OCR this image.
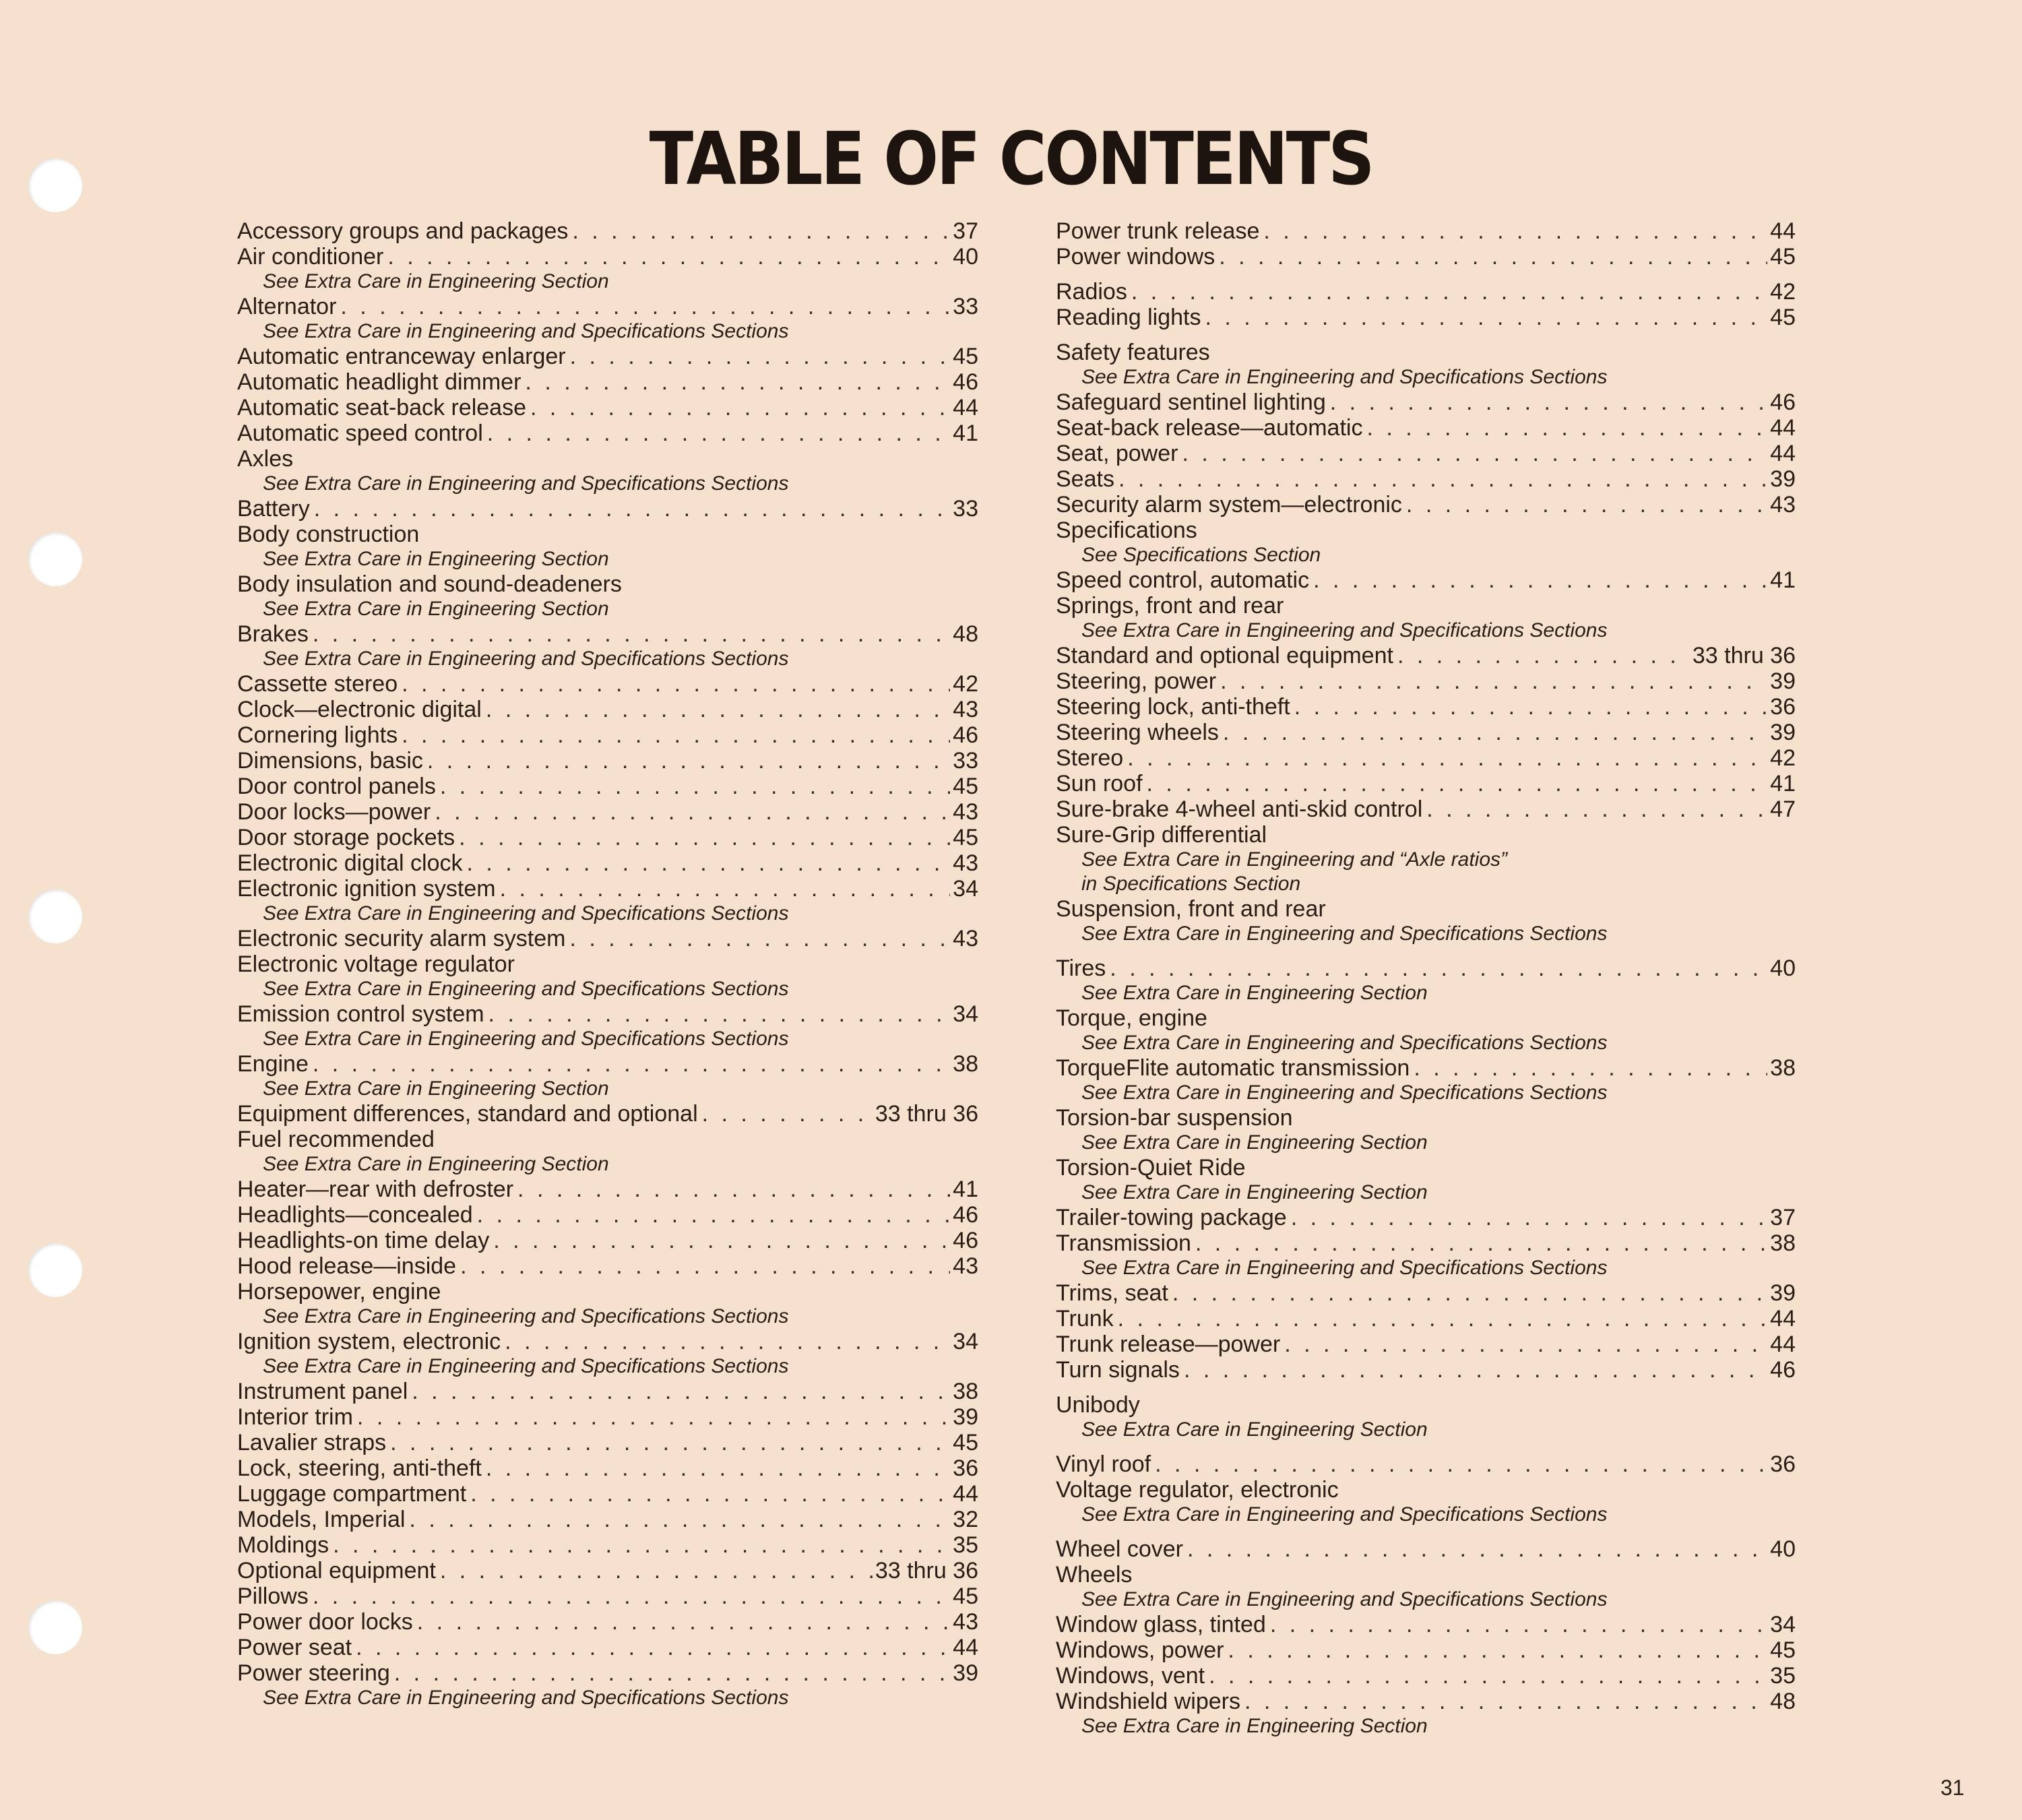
TABLE OF CONTENTS
Accessory groups and packages . . .	37
Air conditioner . . .	40
See Extra Care in Engineering Section
Alternator . . .	33
See Extra Care in Engineering and Specifications Sections
Automatic entranceway enlarger . . .	45
Automatic headlight dimmer . . .	46
Automatic seat-back release . . .	44
Automatic speed control . . .	41
Axles
See Extra Care in Engineering and Specifications Sections
Battery . . .	33
Body construction
See Extra Care in Engineering Section
Body insulation and sound-deadeners
See Extra Care in Engineering Section
Brakes . . .	48
See Extra Care in Engineering and Specifications Sections
Cassette stereo . . .	42
Clock—electronic digital . . .	43
Cornering lights . . .	46
Dimensions, basic . . .	33
Door control panels . . .	45
Door locks—power . . .	43
Door storage pockets . . .	45
Electronic digital clock . . .	43
Electronic ignition system . . .	34
See Extra Care in Engineering and Specifications Sections
Electronic security alarm system . . .	43
Electronic voltage regulator
See Extra Care in Engineering and Specifications Sections
Emission control system . . .	34
See Extra Care in Engineering and Specifications Sections
Engine . . .	38
See Extra Care in Engineering Section
Equipment differences, standard and optional . . .	33 thru 36
Fuel recommended
See Extra Care in Engineering Section
Heater—rear with defroster . . .	41
Headlights—concealed . . .	46
Headlights-on time delay . . .	46
Hood release—inside . . .	43
Horsepower, engine
See Extra Care in Engineering and Specifications Sections
Ignition system, electronic . . .	34
See Extra Care in Engineering and Specifications Sections
Instrument panel . . .	38
Interior trim . . .	39
Lavalier straps . . .	45
Lock, steering, anti-theft . . .	36
Luggage compartment . . .	44
Models, Imperial . . .	32
Moldings . . .	35
Optional equipment . . .	33 thru 36
Pillows . . .	45
Power door locks . . .	43
Power seat . . .	44
Power steering . . .	39
See Extra Care in Engineering and Specifications Sections
Power trunk release . . .	44
Power windows . . .	45
Radios . . .	42
Reading lights . . .	45
Safety features
See Extra Care in Engineering and Specifications Sections
Safeguard sentinel lighting . . .	46
Seat-back release—automatic . . .	44
Seat, power . . .	44
Seats . . .	39
Security alarm system—electronic . . .	43
Specifications
See Specifications Section
Speed control, automatic . . .	41
Springs, front and rear
See Extra Care in Engineering and Specifications Sections
Standard and optional equipment . . .	33 thru 36
Steering, power . . .	39
Steering lock, anti-theft . . .	36
Steering wheels . . .	39
Stereo . . .	42
Sun roof . . .	41
Sure-brake 4-wheel anti-skid control . . .	47
Sure-Grip differential
See Extra Care in Engineering and “Axle ratios”
in Specifications Section
Suspension, front and rear
See Extra Care in Engineering and Specifications Sections
Tires . . .	40
See Extra Care in Engineering Section
Torque, engine
See Extra Care in Engineering and Specifications Sections
TorqueFlite automatic transmission . . .	38
See Extra Care in Engineering and Specifications Sections
Torsion-bar suspension
See Extra Care in Engineering Section
Torsion-Quiet Ride
See Extra Care in Engineering Section
Trailer-towing package . . .	37
Transmission . . .	38
See Extra Care in Engineering and Specifications Sections
Trims, seat . . .	39
Trunk . . .	44
Trunk release—power . . .	44
Turn signals . . .	46
Unibody
See Extra Care in Engineering Section
Vinyl roof . . .	36
Voltage regulator, electronic
See Extra Care in Engineering and Specifications Sections
Wheel cover . . .	40
Wheels
See Extra Care in Engineering and Specifications Sections
Window glass, tinted . . .	34
Windows, power . . .	45
Windows, vent . . .	35
Windshield wipers . . .	48
See Extra Care in Engineering Section
31
